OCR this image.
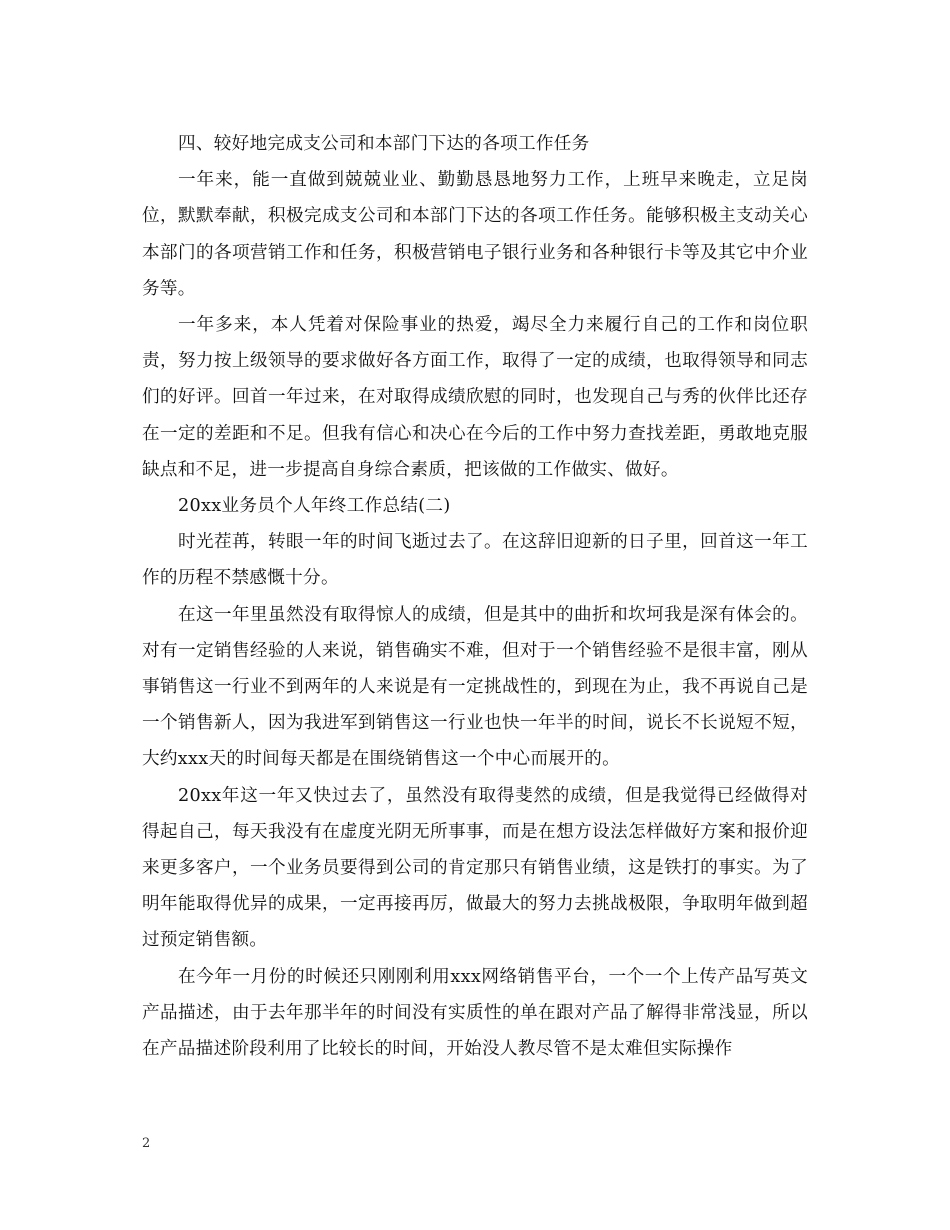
四、较好地完成支公司和本部门下达的各项工作任务

一年来，能一直做到兢兢业业、勤勤恳恳地努力工作，上班早来晚走，立足岗位，默默奉献，积极完成支公司和本部门下达的各项工作任务。能够积极主支动关心本部门的各项营销工作和任务，积极营销电子银行业务和各种银行卡等及其它中介业务等。

一年多来，本人凭着对保险事业的热爱，竭尽全力来履行自己的工作和岗位职责，努力按上级领导的要求做好各方面工作，取得了一定的成绩，也取得领导和同志们的好评。回首一年过来，在对取得成绩欣慰的同时，也发现自己与秀的伙伴比还存在一定的差距和不足。但我有信心和决心在今后的工作中努力查找差距，勇敢地克服缺点和不足，进一步提高自身综合素质，把该做的工作做实、做好。

20xx业务员个人年终工作总结(二)

时光茬苒，转眼一年的时间飞逝过去了。在这辞旧迎新的日子里，回首这一年工作的历程不禁感慨十分。

在这一年里虽然没有取得惊人的成绩，但是其中的曲折和坎坷我是深有体会的。对有一定销售经验的人来说，销售确实不难，但对于一个销售经验不是很丰富，刚从事销售这一行业不到两年的人来说是有一定挑战性的，到现在为止，我不再说自己是一个销售新人，因为我进军到销售这一行业也快一年半的时间，说长不长说短不短，大约xxx天的时间每天都是在围绕销售这一个中心而展开的。

20xx年这一年又快过去了，虽然没有取得斐然的成绩，但是我觉得已经做得对得起自己，每天我没有在虚度光阴无所事事，而是在想方设法怎样做好方案和报价迎来更多客户，一个业务员要得到公司的肯定那只有销售业绩，这是铁打的事实。为了明年能取得优异的成果，一定再接再厉，做最大的努力去挑战极限，争取明年做到超过预定销售额。

在今年一月份的时候还只刚刚利用xxx网络销售平台，一个一个上传产品写英文产品描述，由于去年那半年的时间没有实质性的单在跟对产品了解得非常浅显，所以在产品描述阶段利用了比较长的时间，开始没人教尽管不是太难但实际操作

2
